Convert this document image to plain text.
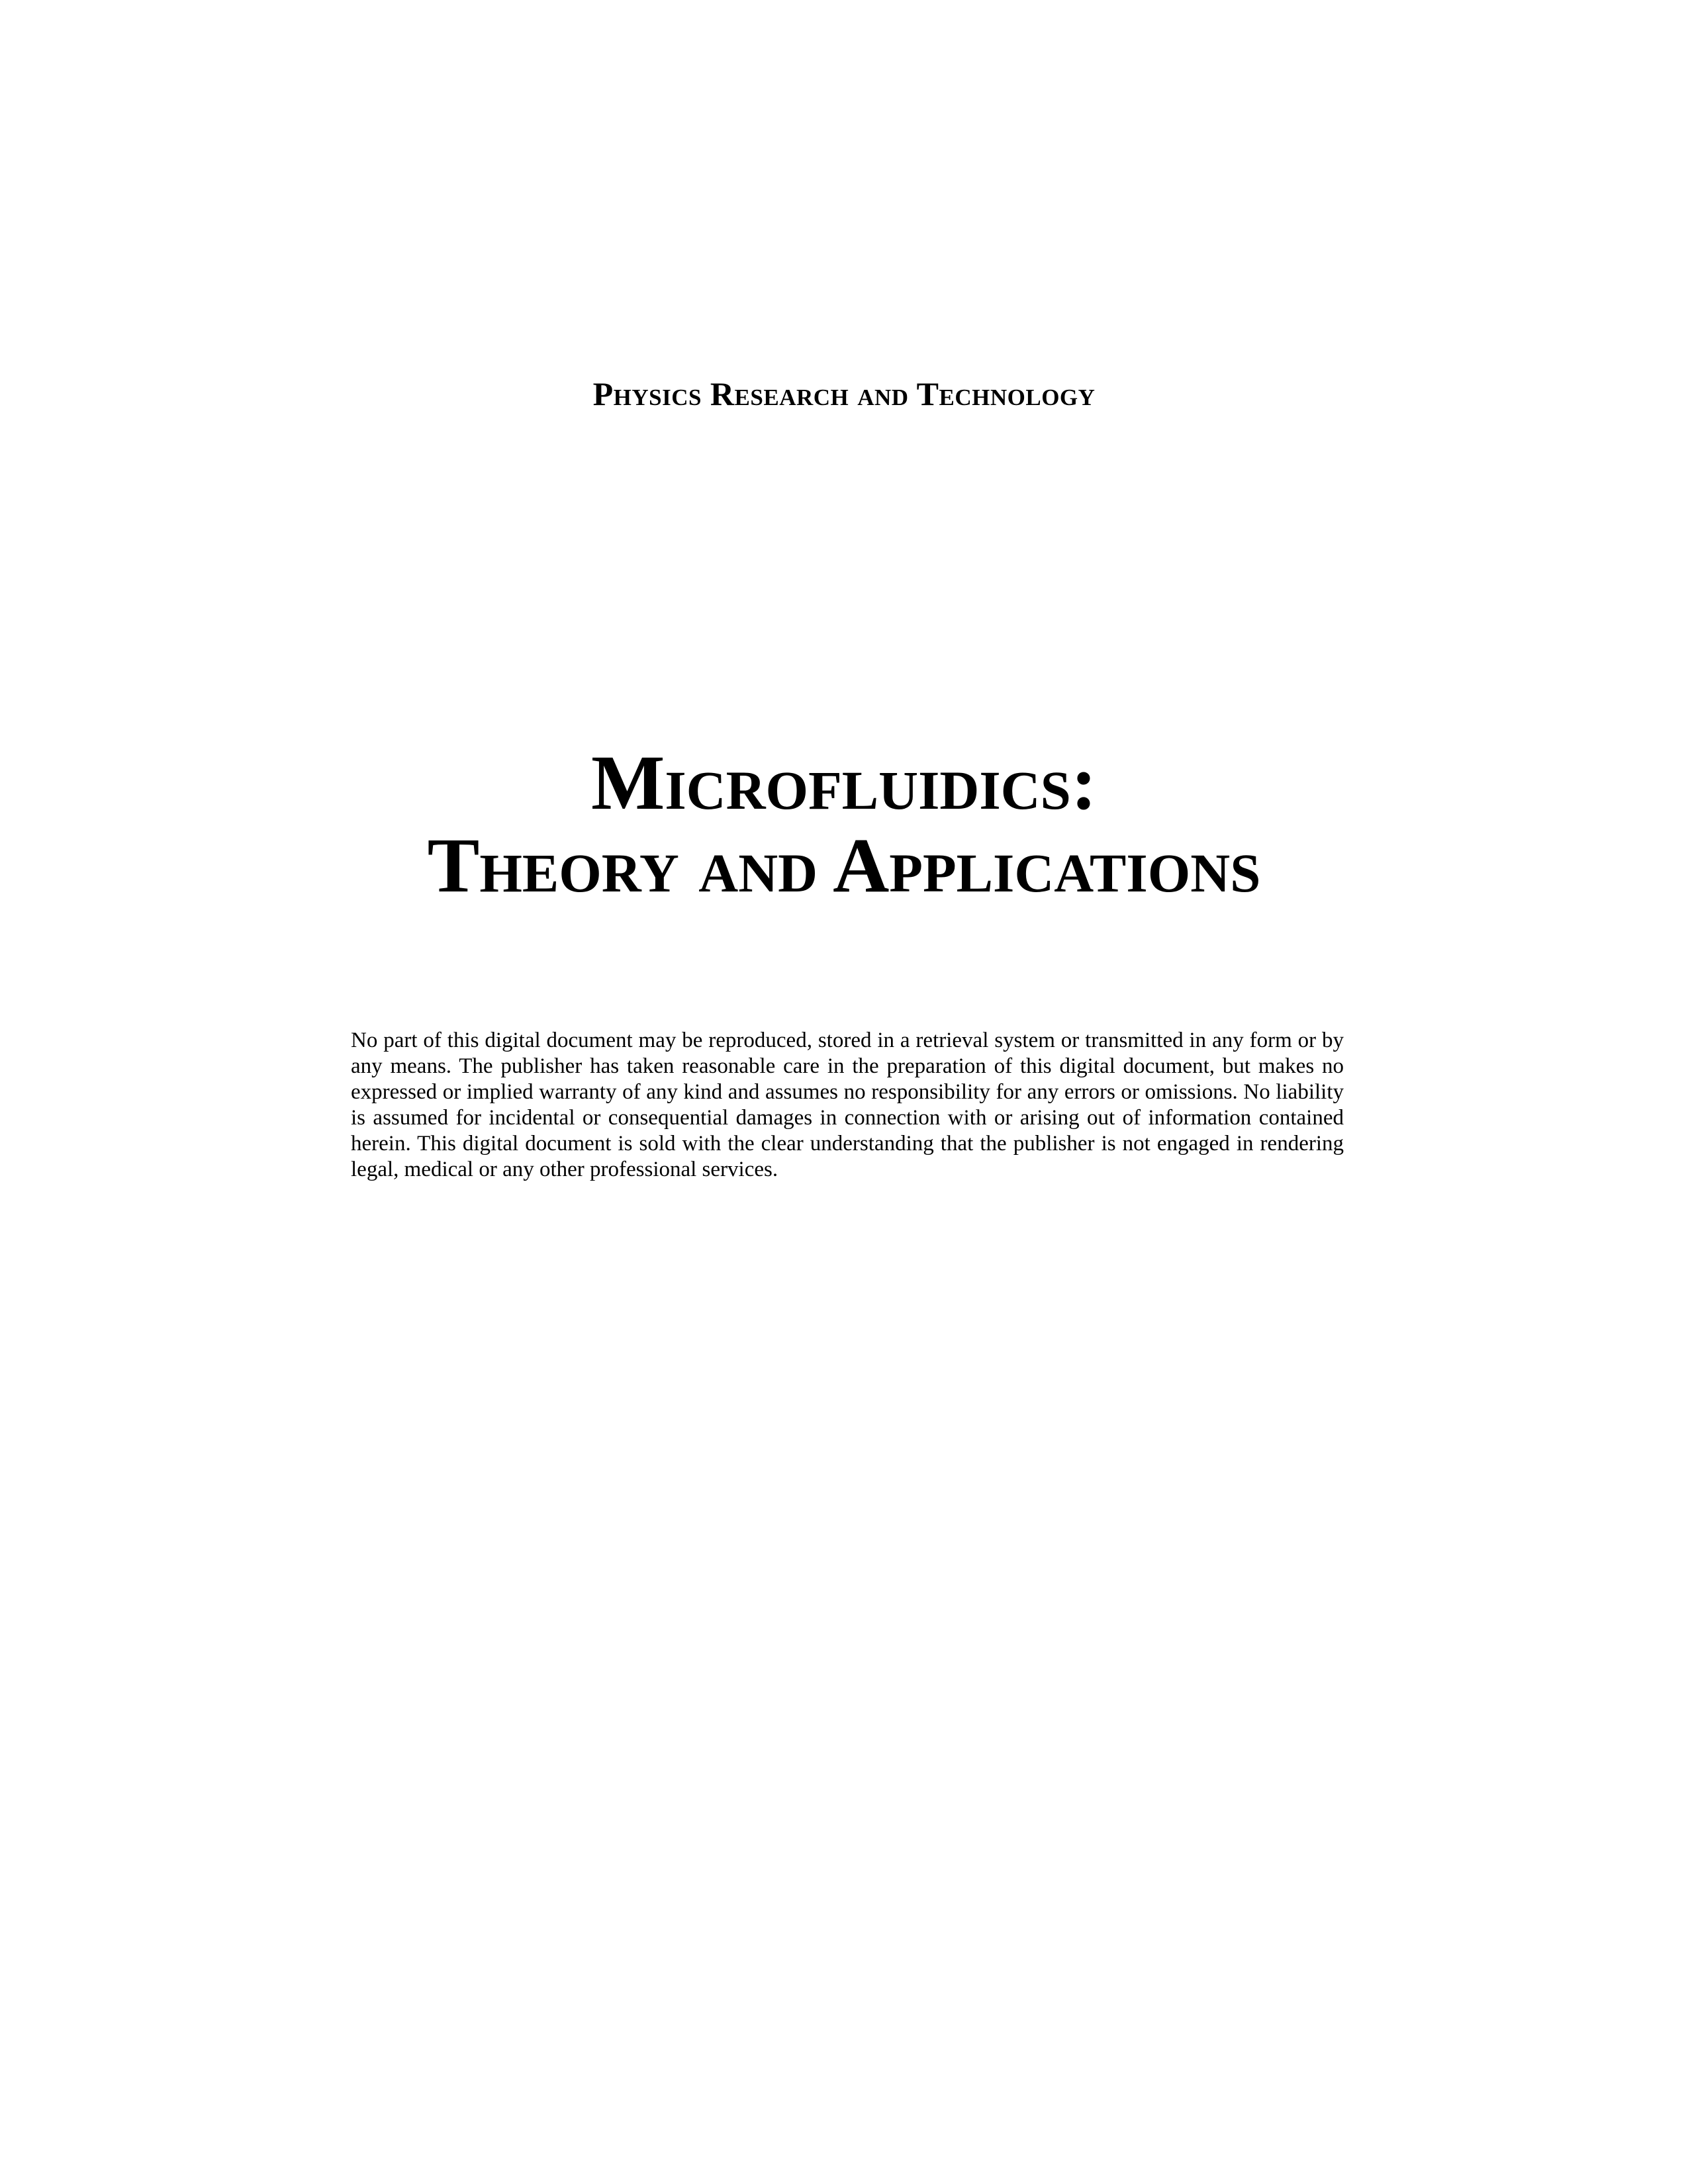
Physics Research and Technology
Microfluidics:
Theory and Applications

No part of this digital document may be reproduced, stored in a retrieval system or transmitted in any form or by any means. The publisher has taken reasonable care in the preparation of this digital document, but makes no expressed or implied warranty of any kind and assumes no responsibility for any errors or omissions. No liability is assumed for incidental or consequential damages in connection with or arising out of information contained herein. This digital document is sold with the clear understanding that the publisher is not engaged in rendering legal, medical or any other professional services.
